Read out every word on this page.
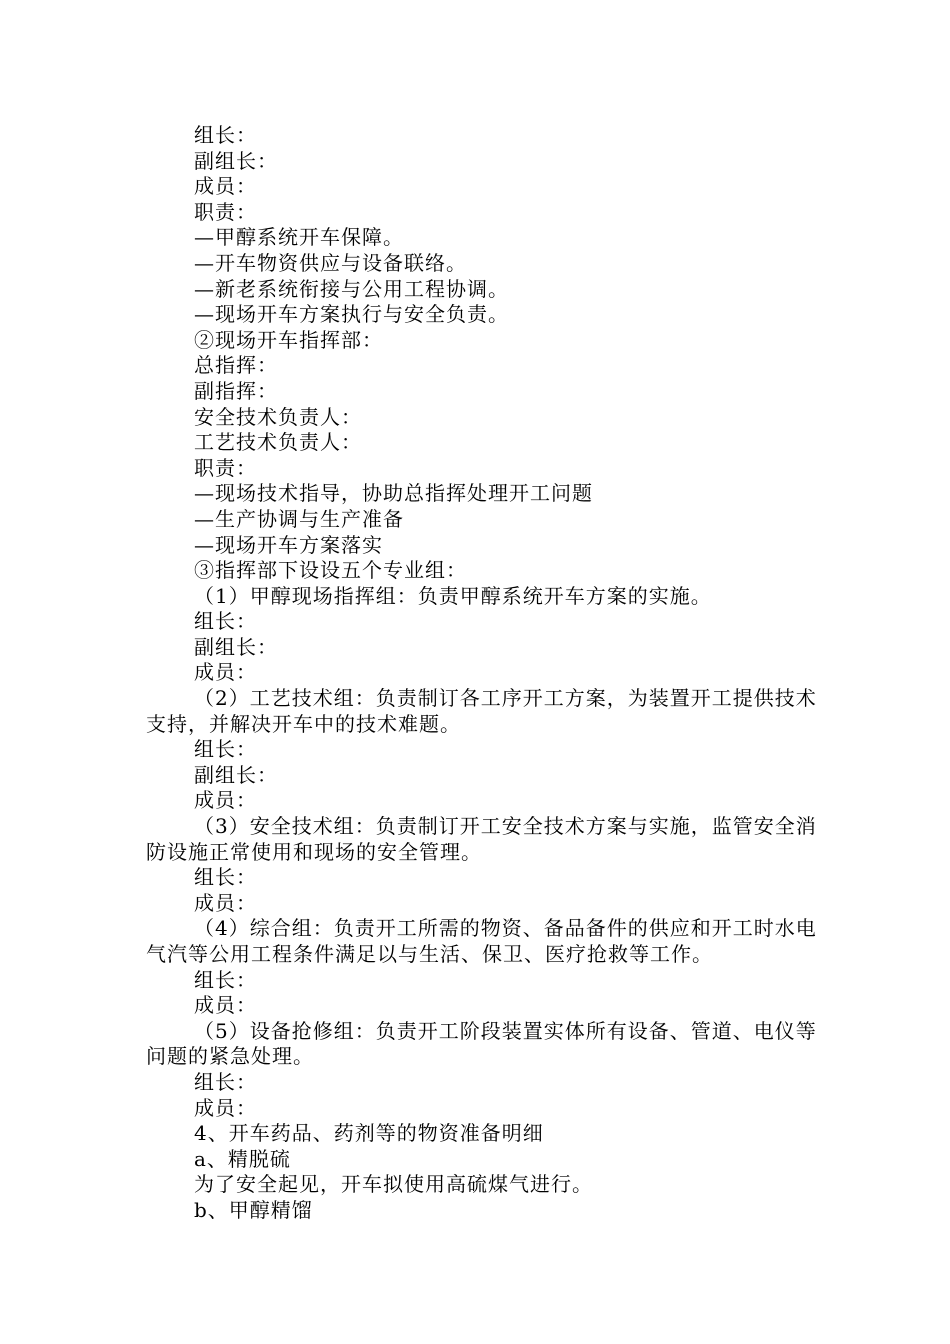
组长：
副组长：
成员：
职责：
—甲醇系统开车保障。
—开车物资供应与设备联络。
—新老系统衔接与公用工程协调。
—现场开车方案执行与安全负责。
②现场开车指挥部：
总指挥：
副指挥：
安全技术负责人：
工艺技术负责人：
职责：
—现场技术指导，协助总指挥处理开工问题
—生产协调与生产准备
—现场开车方案落实
③指挥部下设设五个专业组：
（1）甲醇现场指挥组：负责甲醇系统开车方案的实施。
组长：
副组长：
成员：
（2）工艺技术组：负责制订各工序开工方案，为装置开工提供技术支持，并解决开车中的技术难题。
组长：
副组长：
成员：
（3）安全技术组：负责制订开工安全技术方案与实施，监管安全消防设施正常使用和现场的安全管理。
组长：
成员：
（4）综合组：负责开工所需的物资、备品备件的供应和开工时水电气汽等公用工程条件满足以与生活、保卫、医疗抢救等工作。
组长：
成员：
（5）设备抢修组：负责开工阶段装置实体所有设备、管道、电仪等问题的紧急处理。
组长：
成员：
4、开车药品、药剂等的物资准备明细
a、精脱硫
为了安全起见，开车拟使用高硫煤气进行。
b、甲醇精馏
